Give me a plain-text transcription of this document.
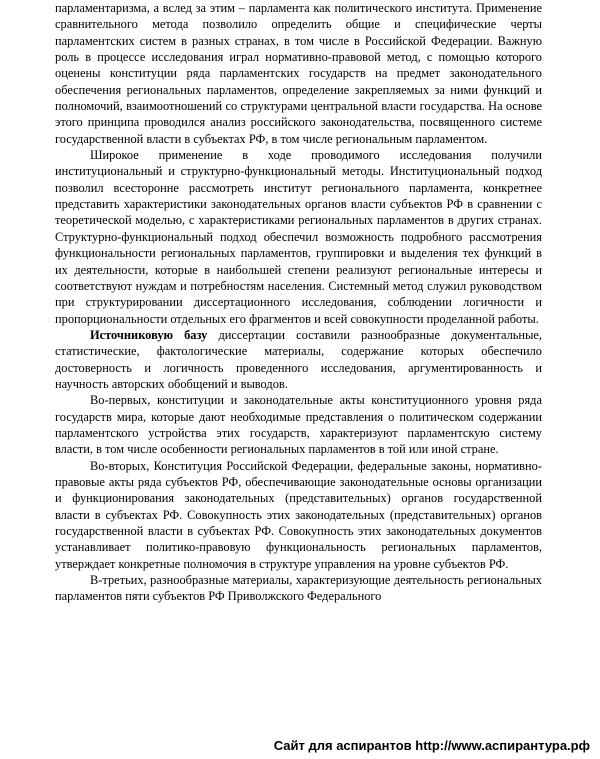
парламентаризма, а вслед за этим – парламента как политического института. Применение сравнительного метода позволило определить общие и специфические черты парламентских систем в разных странах, в том числе в Российской Федерации. Важную роль в процессе исследования играл нормативно-правовой метод, с помощью которого оценены конституции ряда парламентских государств на предмет законодательного обеспечения региональных парламентов, определение закрепляемых за ними функций и полномочий, взаимоотношений со структурами центральной власти государства. На основе этого принципа проводился анализ российского законодательства, посвященного системе государственной власти в субъектах РФ, в том числе региональным парламентом.

Широкое применение в ходе проводимого исследования получили институциональный и структурно-функциональный методы. Институциональный подход позволил всесторонне рассмотреть институт регионального парламента, конкретнее представить характеристики законодательных органов власти субъектов РФ в сравнении с теоретической моделью, с характеристиками региональных парламентов в других странах. Структурно-функциональный подход обеспечил возможность подробного рассмотрения функциональности региональных парламентов, группировки и выделения тех функций в их деятельности, которые в наибольшей степени реализуют региональные интересы и соответствуют нуждам и потребностям населения. Системный метод служил руководством при структурировании диссертационного исследования, соблюдении логичности и пропорциональности отдельных его фрагментов и всей совокупности проделанной работы.

Источниковую базу диссертации составили разнообразные документальные, статистические, фактологические материалы, содержание которых обеспечило достоверность и логичность проведенного исследования, аргументированность и научность авторских обобщений и выводов.

Во-первых, конституции и законодательные акты конституционного уровня ряда государств мира, которые дают необходимые представления о политическом содержании парламентского устройства этих государств, характеризуют парламентскую систему власти, в том числе особенности региональных парламентов в той или иной стране.

Во-вторых, Конституция Российской Федерации, федеральные законы, нормативно-правовые акты ряда субъектов РФ, обеспечивающие законодательные основы организации и функционирования законодательных (представительных) органов государственной власти в субъектах РФ. Совокупность этих законодательных (представительных) органов государственной власти в субъектах РФ. Совокупность этих законодательных документов устанавливает политико-правовую функциональность региональных парламентов, утверждает конкретные полномочия в структуре управления на уровне субъектов РФ.

В-третьих, разнообразные материалы, характеризующие деятельность региональных парламентов пяти субъектов РФ Приволжского Федерального

Сайт для аспирантов http://www.аспирантура.рф
